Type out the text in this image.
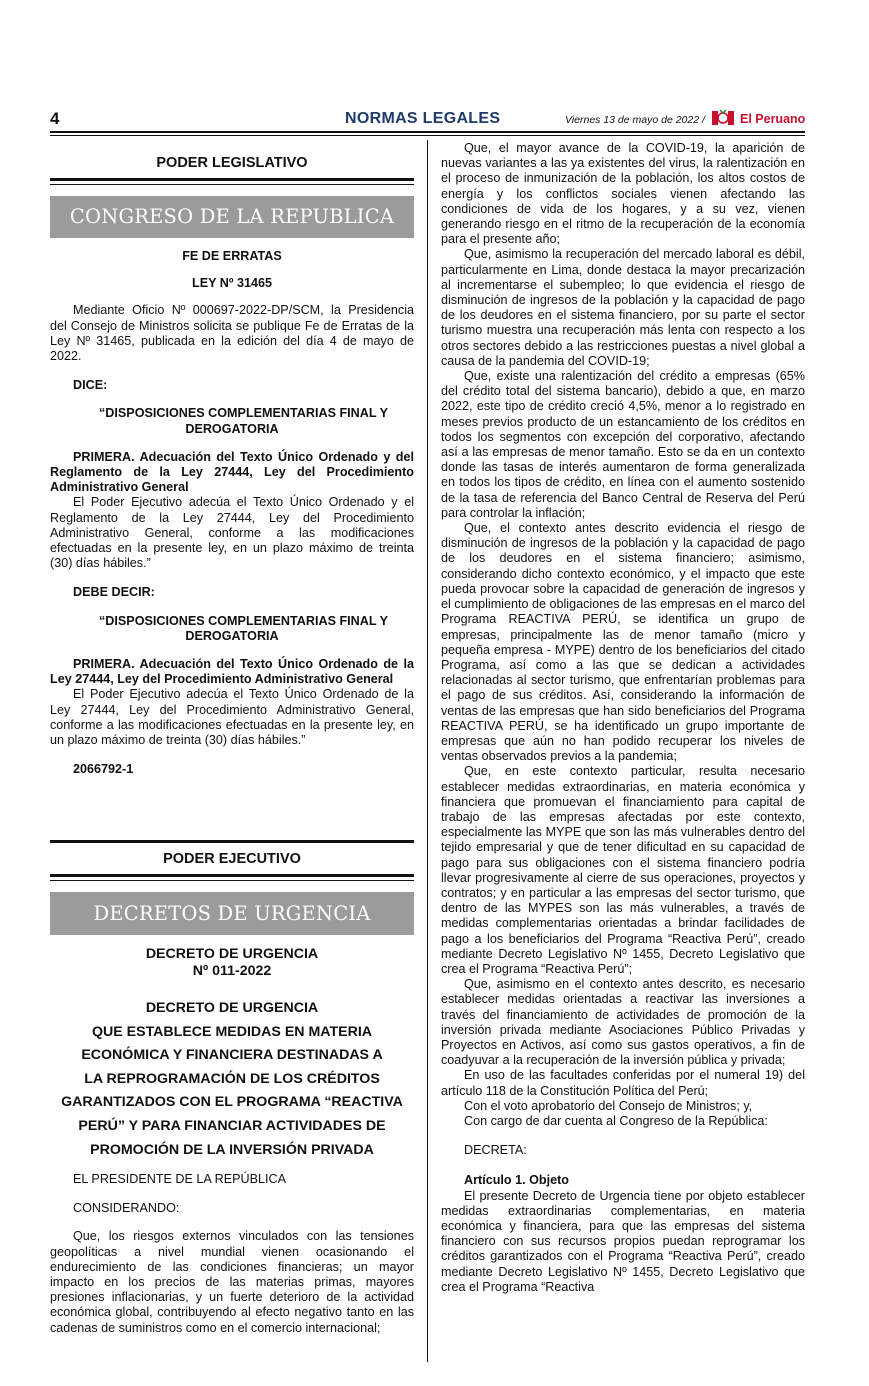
4	NORMAS LEGALES	Viernes 13 de mayo de 2022 /	El Peruano
PODER LEGISLATIVO
CONGRESO DE LA REPUBLICA

FE DE ERRATAS

LEY Nº 31465

Mediante Oficio Nº 000697-2022-DP/SCM, la Presidencia del Consejo de Ministros solicita se publique Fe de Erratas de la Ley Nº 31465, publicada en la edición del día 4 de mayo de 2022.

DICE:

“DISPOSICIONES COMPLEMENTARIAS FINAL Y DEROGATORIA

PRIMERA. Adecuación del Texto Único Ordenado y del Reglamento de la Ley 27444, Ley del Procedimiento Administrativo General

El Poder Ejecutivo adecúa el Texto Único Ordenado y el Reglamento de la Ley 27444, Ley del Procedimiento Administrativo General, conforme a las modificaciones efectuadas en la presente ley, en un plazo máximo de treinta (30) días hábiles.”

DEBE DECIR:

“DISPOSICIONES COMPLEMENTARIAS FINAL Y DEROGATORIA

PRIMERA. Adecuación del Texto Único Ordenado de la Ley 27444, Ley del Procedimiento Administrativo General

El Poder Ejecutivo adecúa el Texto Único Ordenado de la Ley 27444, Ley del Procedimiento Administrativo General, conforme a las modificaciones efectuadas en la presente ley, en un plazo máximo de treinta (30) días hábiles.”

2066792-1

PODER EJECUTIVO
DECRETOS DE URGENCIA
DECRETO DE URGENCIA
Nº 011-2022
DECRETO DE URGENCIA
QUE ESTABLECE MEDIDAS EN MATERIA
ECONÓMICA Y FINANCIERA DESTINADAS A
LA REPROGRAMACIÓN DE LOS CRÉDITOS
GARANTIZADOS CON EL PROGRAMA “REACTIVA
PERÚ” Y PARA FINANCIAR ACTIVIDADES DE
PROMOCIÓN DE LA INVERSIÓN PRIVADA

EL PRESIDENTE DE LA REPÚBLICA

CONSIDERANDO:

Que, los riesgos externos vinculados con las tensiones geopolíticas a nivel mundial vienen ocasionando el endurecimiento de las condiciones financieras; un mayor impacto en los precios de las materias primas, mayores presiones inflacionarias, y un fuerte deterioro de la actividad económica global, contribuyendo al efecto negativo tanto en las cadenas de suministros como en el comercio internacional;

Que, el mayor avance de la COVID-19, la aparición de nuevas variantes a las ya existentes del virus, la ralentización en el proceso de inmunización de la población, los altos costos de energía y los conflictos sociales vienen afectando las condiciones de vida de los hogares, y a su vez, vienen generando riesgo en el ritmo de la recuperación de la economía para el presente año;

Que, asimismo la recuperación del mercado laboral es débil, particularmente en Lima, donde destaca la mayor precarización al incrementarse el subempleo; lo que evidencia el riesgo de disminución de ingresos de la población y la capacidad de pago de los deudores en el sistema financiero, por su parte el sector turismo muestra una recuperación más lenta con respecto a los otros sectores debido a las restricciones puestas a nivel global a causa de la pandemia del COVID-19;

Que, existe una ralentización del crédito a empresas (65% del crédito total del sistema bancario), debido a que, en marzo 2022, este tipo de crédito creció 4,5%, menor a lo registrado en meses previos producto de un estancamiento de los créditos en todos los segmentos con excepción del corporativo, afectando así a las empresas de menor tamaño. Esto se da en un contexto donde las tasas de interés aumentaron de forma generalizada en todos los tipos de crédito, en línea con el aumento sostenido de la tasa de referencia del Banco Central de Reserva del Perú para controlar la inflación;

Que, el contexto antes descrito evidencia el riesgo de disminución de ingresos de la población y la capacidad de pago de los deudores en el sistema financiero; asimismo, considerando dicho contexto económico, y el impacto que este pueda provocar sobre la capacidad de generación de ingresos y el cumplimiento de obligaciones de las empresas en el marco del Programa REACTIVA PERÚ, se identifica un grupo de empresas, principalmente las de menor tamaño (micro y pequeña empresa - MYPE) dentro de los beneficiarios del citado Programa, así como a las que se dedican a actividades relacionadas al sector turismo, que enfrentarían problemas para el pago de sus créditos. Así, considerando la información de ventas de las empresas que han sido beneficiarios del Programa REACTIVA PERÚ, se ha identificado un grupo importante de empresas que aún no han podido recuperar los niveles de ventas observados previos a la pandemia;

Que, en este contexto particular, resulta necesario establecer medidas extraordinarias, en materia económica y financiera que promuevan el financiamiento para capital de trabajo de las empresas afectadas por este contexto, especialmente las MYPE que son las más vulnerables dentro del tejido empresarial y que de tener dificultad en su capacidad de pago para sus obligaciones con el sistema financiero podría llevar progresivamente al cierre de sus operaciones, proyectos y contratos; y en particular a las empresas del sector turismo, que dentro de las MYPES son las más vulnerables, a través de medidas complementarias orientadas a brindar facilidades de pago a los beneficiarios del Programa “Reactiva Perú”, creado mediante Decreto Legislativo Nº 1455, Decreto Legislativo que crea el Programa “Reactiva Perú”;

Que, asimismo en el contexto antes descrito, es necesario establecer medidas orientadas a reactivar las inversiones a través del financiamiento de actividades de promoción de la inversión privada mediante Asociaciones Público Privadas y Proyectos en Activos, así como sus gastos operativos, a fin de coadyuvar a la recuperación de la inversión pública y privada;

En uso de las facultades conferidas por el numeral 19) del artículo 118 de la Constitución Política del Perú;

Con el voto aprobatorio del Consejo de Ministros; y,

Con cargo de dar cuenta al Congreso de la República:

DECRETA:

Artículo 1. Objeto

El presente Decreto de Urgencia tiene por objeto establecer medidas extraordinarias complementarias, en materia económica y financiera, para que las empresas del sistema financiero con sus recursos propios puedan reprogramar los créditos garantizados con el Programa “Reactiva Perú”, creado mediante Decreto Legislativo Nº 1455, Decreto Legislativo que crea el Programa “Reactiva
